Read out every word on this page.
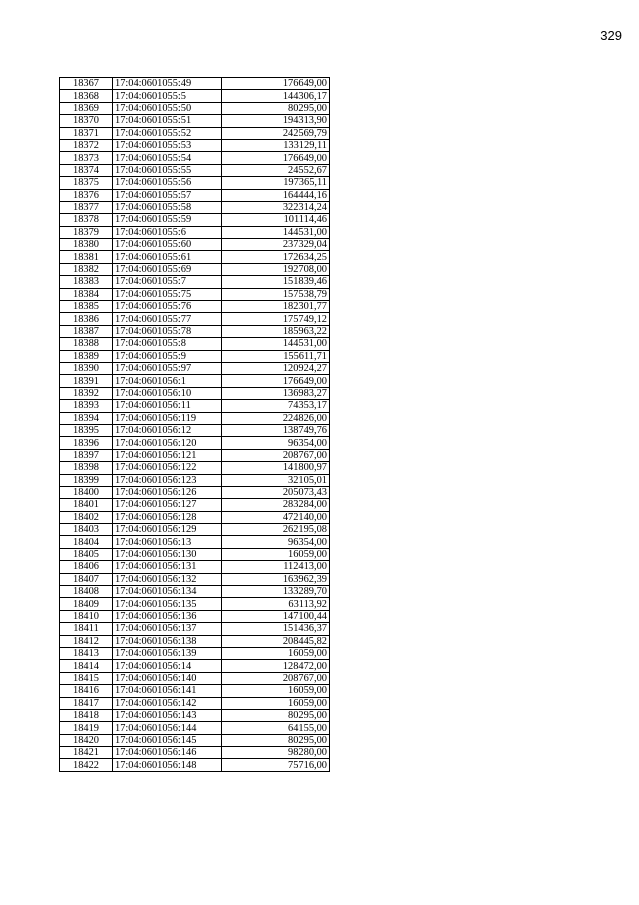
329
18367	17:04:0601055:49	176649,00
18368	17:04:0601055:5	144306,17
18369	17:04:0601055:50	80295,00
18370	17:04:0601055:51	194313,90
18371	17:04:0601055:52	242569,79
18372	17:04:0601055:53	133129,11
18373	17:04:0601055:54	176649,00
18374	17:04:0601055:55	24552,67
18375	17:04:0601055:56	197365,11
18376	17:04:0601055:57	164444,16
18377	17:04:0601055:58	322314,24
18378	17:04:0601055:59	101114,46
18379	17:04:0601055:6	144531,00
18380	17:04:0601055:60	237329,04
18381	17:04:0601055:61	172634,25
18382	17:04:0601055:69	192708,00
18383	17:04:0601055:7	151839,46
18384	17:04:0601055:75	157538,79
18385	17:04:0601055:76	182301,77
18386	17:04:0601055:77	175749,12
18387	17:04:0601055:78	185963,22
18388	17:04:0601055:8	144531,00
18389	17:04:0601055:9	155611,71
18390	17:04:0601055:97	120924,27
18391	17:04:0601056:1	176649,00
18392	17:04:0601056:10	136983,27
18393	17:04:0601056:11	74353,17
18394	17:04:0601056:119	224826,00
18395	17:04:0601056:12	138749,76
18396	17:04:0601056:120	96354,00
18397	17:04:0601056:121	208767,00
18398	17:04:0601056:122	141800,97
18399	17:04:0601056:123	32105,01
18400	17:04:0601056:126	205073,43
18401	17:04:0601056:127	283284,00
18402	17:04:0601056:128	472140,00
18403	17:04:0601056:129	262195,08
18404	17:04:0601056:13	96354,00
18405	17:04:0601056:130	16059,00
18406	17:04:0601056:131	112413,00
18407	17:04:0601056:132	163962,39
18408	17:04:0601056:134	133289,70
18409	17:04:0601056:135	63113,92
18410	17:04:0601056:136	147100,44
18411	17:04:0601056:137	151436,37
18412	17:04:0601056:138	208445,82
18413	17:04:0601056:139	16059,00
18414	17:04:0601056:14	128472,00
18415	17:04:0601056:140	208767,00
18416	17:04:0601056:141	16059,00
18417	17:04:0601056:142	16059,00
18418	17:04:0601056:143	80295,00
18419	17:04:0601056:144	64155,00
18420	17:04:0601056:145	80295,00
18421	17:04:0601056:146	98280,00
18422	17:04:0601056:148	75716,00
